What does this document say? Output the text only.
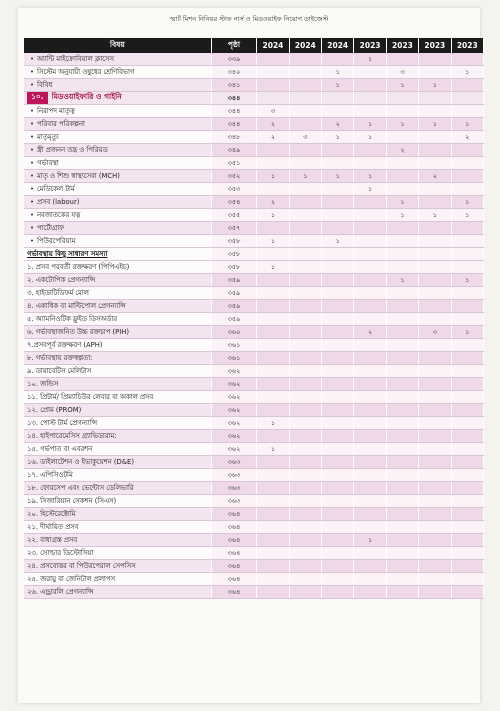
স্মার্ট মিশন নিনিয়র স্টাফ নার্স ও মিডওয়াইফ নিয়োগ ডাইজেস্ট
বিষয়	পৃষ্ঠা	2024	2024	2024	2023	2023	2023	2023
• অ্যান্টি মাইক্রোবিয়াল ক্লাসেস	৩৩৯				১			
• সিস্টেম অনুযায়ী ওষুধের শ্রেণিবিভাগ	৩৪০			১		৩		১
• বিবিধ	৩৪১			১		১	১	
১০. মিডওয়াইফারি ও গাইনি	৩৪৪							
• নিরাপদ মাতৃত্ব	৩৪৪	৩						
• পরিবার পরিকল্পনা	৩৪৪	২		২	১	১	১	১
• মাতৃমৃত্যু	৩৪৮	২	৩	১	১			২
• স্ত্রী প্রজনন তন্ত্র ও পিরিয়ড	৩৪৯					২		
• গর্ভাবস্থা	৩৫১							
• মাতৃ ও শিশু স্বাস্থ্যসেবা (MCH)	৩৫২	১	১	১	১		২	
• মেডিকেল টার্ম	৩৫৩				১			
• প্রসব (labour)	৩৫৪	২				১		১
• নবজাতকের যত্ন	৩৫৫	১				১	১	১
• পার্টোগ্রাফ	৩৫৭							
• পিউরপেরিয়াম	৩৫৮	১		১				
গর্ভাবস্থায় কিছু সাধারণ সমস্যা	৩৫৮							
১. প্রসব পরবর্তী রক্তক্ষরণ (পিপিএইচ)	৩৫৮	১						
২. একটোপিক প্রেগন্যান্সি	৩৫৯					১		১
৩. হাইডাটিডিফর্ম মোল	৩৫৯							
৪. একাধিক বা মাল্টিপোল প্রেগন্যান্সি	৩৫৯							
৫. অ্যামনিওটিক ফ্লুইড ডিসঅর্ডার	৩৫৯							
৬. গর্ভাবস্থাজনিত উচ্চ রক্তচাপ (PIH)	৩৬০				২		৩	১
৭.প্রসবপূর্ব রক্তক্ষরণ (APH)	৩৬১							
৮. গর্ভাবস্থায় রক্তস্বল্পতা:	৩৬১							
৯. ডায়াবেটিস মেলিটাস	৩৬২							
১০. জন্ডিস	৩৬২							
১১. প্রিটার্ম/ প্রিম্যাচিউর লেবার বা অকাল প্রসব	৩৬২							
১২. প্রোম (PROM)	৩৬২							
১৩. পোস্ট টার্ম প্রেগন্যান্সি	৩৬২	১						
১৪. হাইপারেমেসিস গ্র্যাভিডারাম:	৩৬২							
১৫. গর্ভপাত বা এবরশন	৩৬২	১						
১৬. ডাইলাটেশন ও ইভাকুয়েশন (D&E)	৩৬৩							
১৭. এপিসিওটমি	৩৬৩							
১৮. ফোরসেপ এবং ভেন্টোস ডেলিভারি	৩৬৩							
১৯. সিজারিয়ান সেকশন (সিএস)	৩৬৩							
২০. হিস্টেরেক্টোমি	৩৬৪							
২১. দীর্ঘায়িত প্রসব	৩৬৪							
২২. বাধাগ্রস্ত প্রসব	৩৬৪				১			
২৩. সোল্ডার ডিস্টোসিয়া	৩৬৪							
২৪. প্রসবোত্তর বা পিউরপেরাল সেপসিস	৩৬৪							
২৫. জরায়ু বা জেনিটাল প্রলাপস	৩৬৪							
২৬. এন্ড্রারলি প্রেগন্যান্সি	৩৬৪							
